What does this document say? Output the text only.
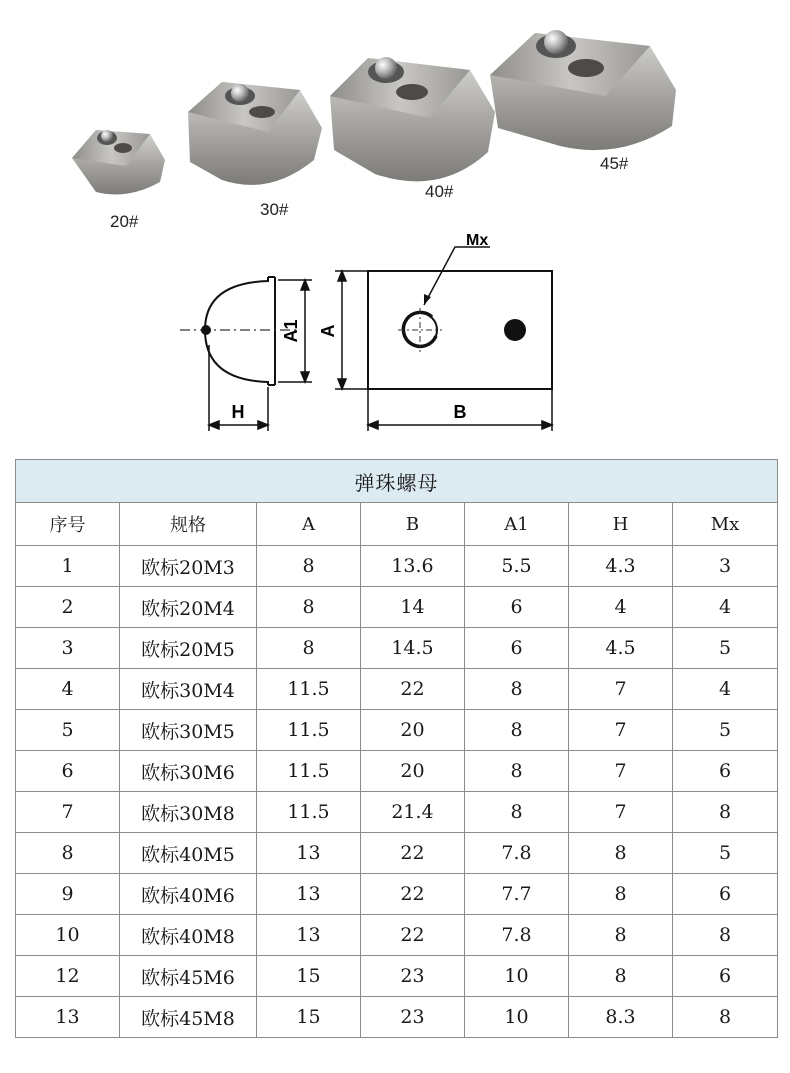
20#
30#
40#
45#
A1 A
H
Mx
B
弹珠螺母						
序号	规格	A	B	A1	H	Mx
1	欧标20M3	8	13.6	5.5	4.3	3
2	欧标20M4	8	14	6	4	4
3	欧标20M5	8	14.5	6	4.5	5
4	欧标30M4	11.5	22	8	7	4
5	欧标30M5	11.5	20	8	7	5
6	欧标30M6	11.5	20	8	7	6
7	欧标30M8	11.5	21.4	8	7	8
8	欧标40M5	13	22	7.8	8	5
9	欧标40M6	13	22	7.7	8	6
10	欧标40M8	13	22	7.8	8	8
12	欧标45M6	15	23	10	8	6
13	欧标45M8	15	23	10	8.3	8
